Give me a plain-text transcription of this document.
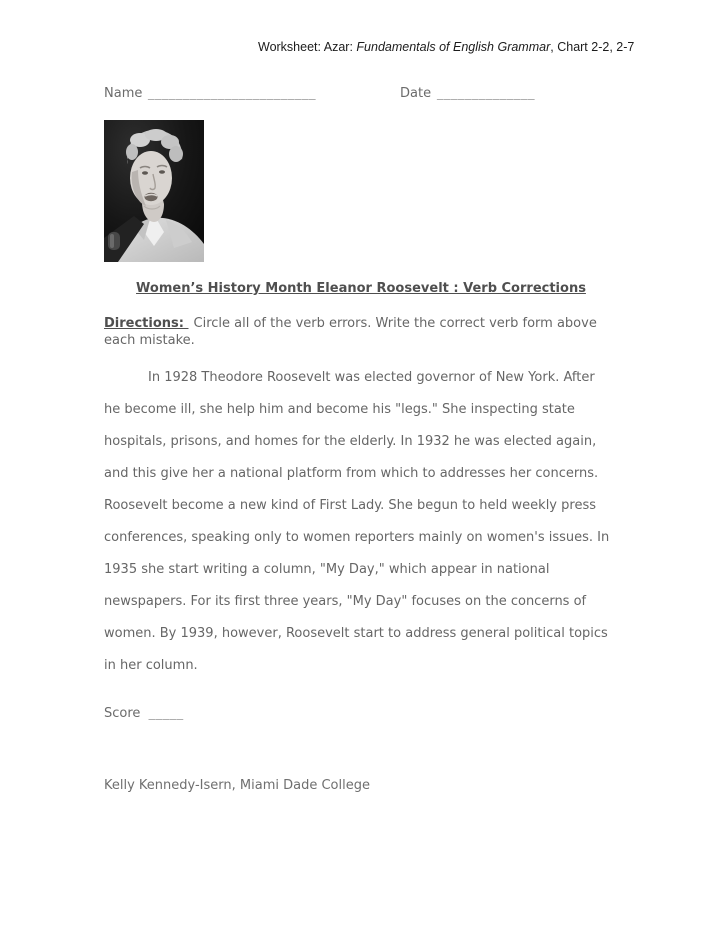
Worksheet: Azar: Fundamentals of English Grammar, Chart 2-2, 2-7
Name ________________________	Date ______________
Women’s History Month Eleanor Roosevelt : Verb Corrections
Directions: Circle all of the verb errors. Write the correct verb form above each mistake.
In 1928 Theodore Roosevelt was elected governor of New York. After
he become ill, she help him and become his "legs." She inspecting state
hospitals, prisons, and homes for the elderly. In 1932 he was elected again,
and this give her a national platform from which to addresses her concerns.
Roosevelt become a new kind of First Lady. She begun to held weekly press
conferences, speaking only to women reporters mainly on women's issues. In
1935 she start writing a column, "My Day," which appear in national
newspapers. For its first three years, "My Day" focuses on the concerns of
women. By 1939, however, Roosevelt start to address general political topics
in her column.
Score _____
Kelly Kennedy-Isern, Miami Dade College
